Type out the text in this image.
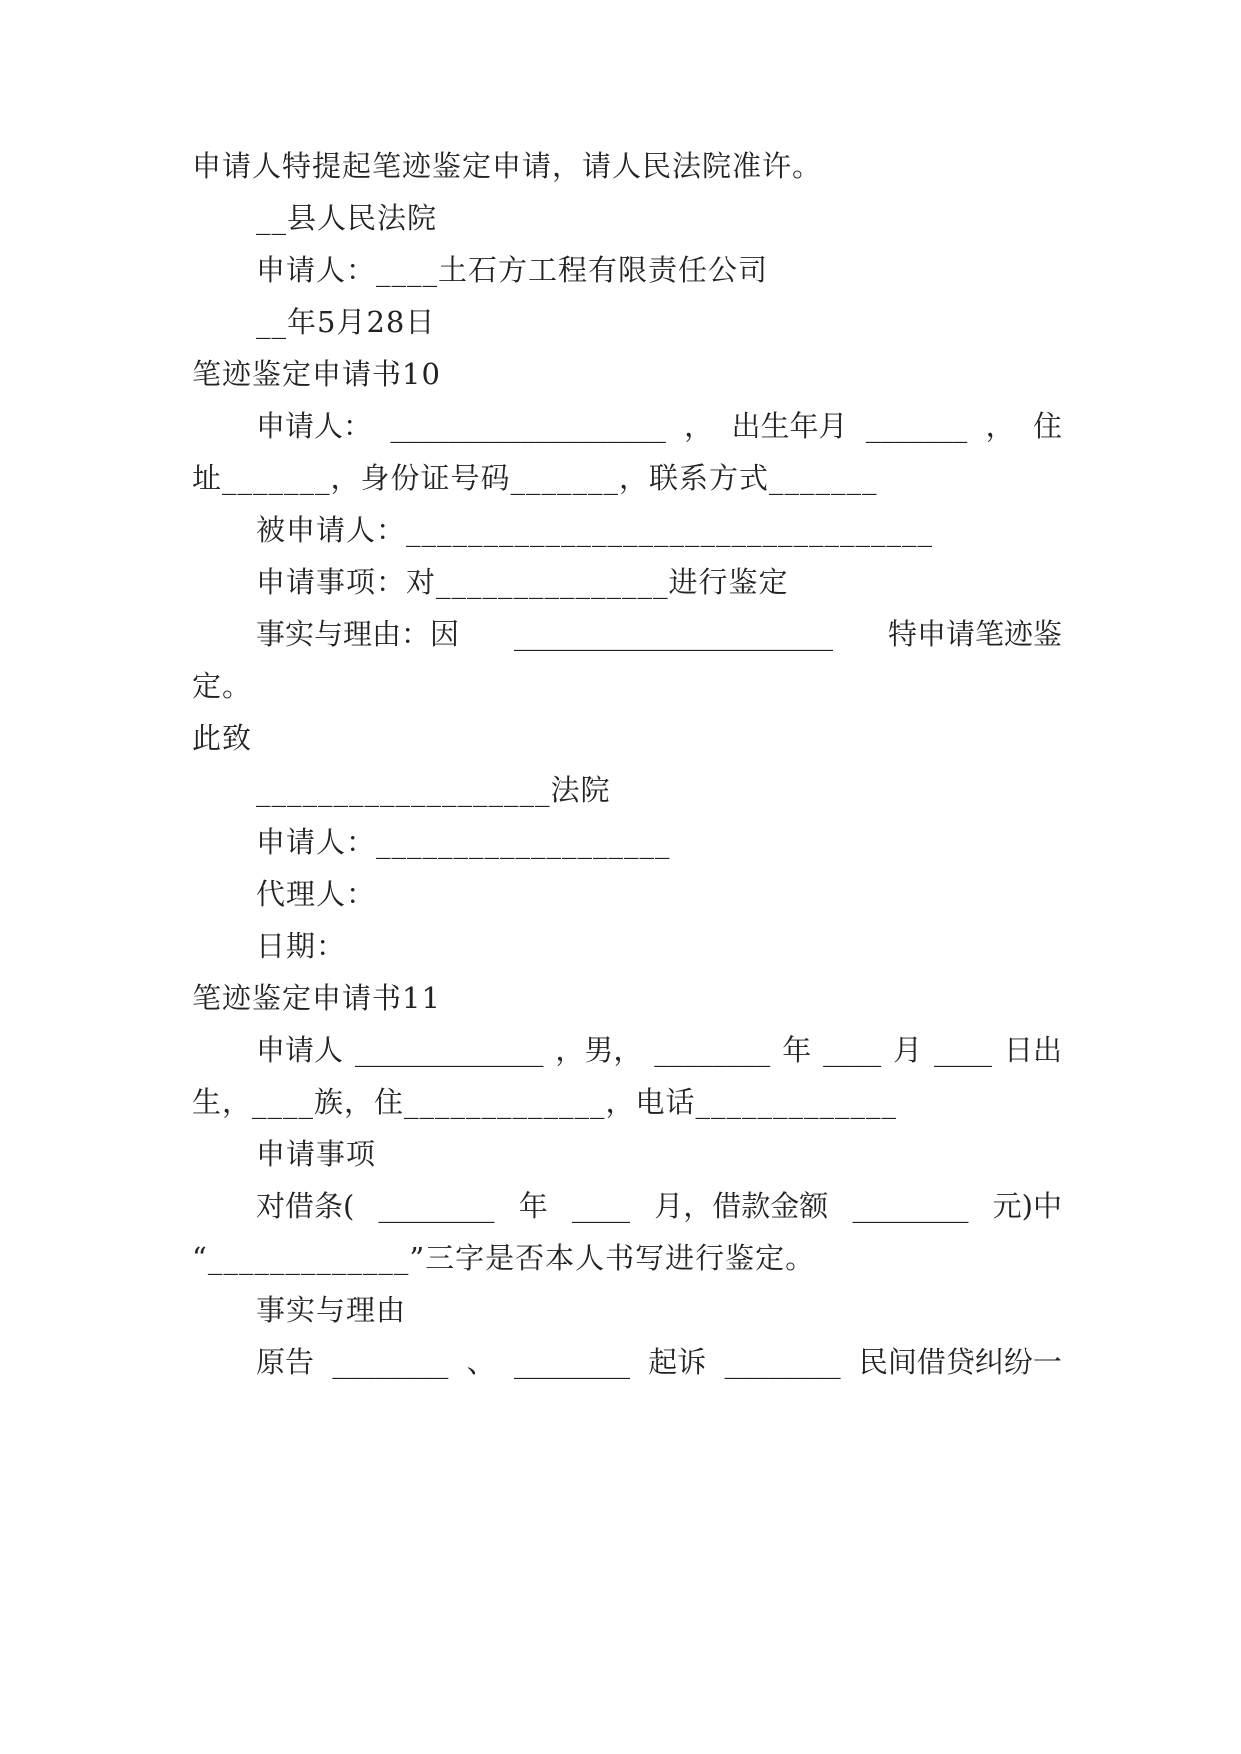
申请人特提起笔迹鉴定申请，请人民法院准许。
__县人民法院
申请人：____土石方工程有限责任公司
__年5月28日
笔迹鉴定申请书10
申请人： ___________________ ， 出生年月 _______ ， 住
址_______，身份证号码_______，联系方式_______
被申请人：__________________________________
申请事项：对_______________进行鉴定
事实与理由：因 ______________________ 特申请笔迹鉴
定。
此致
___________________法院
申请人：___________________
代理人：
日期：
笔迹鉴定申请书11
申请人 _____________ ，男， ________ 年 ____ 月 ____ 日出
生，____族，住_____________，电话_____________
申请事项
对借条( ________ 年 ____ 月，借款金额 ________ 元)中
“_____________”三字是否本人书写进行鉴定。
事实与理由
原告 ________ 、 ________ 起诉 ________ 民间借贷纠纷一
